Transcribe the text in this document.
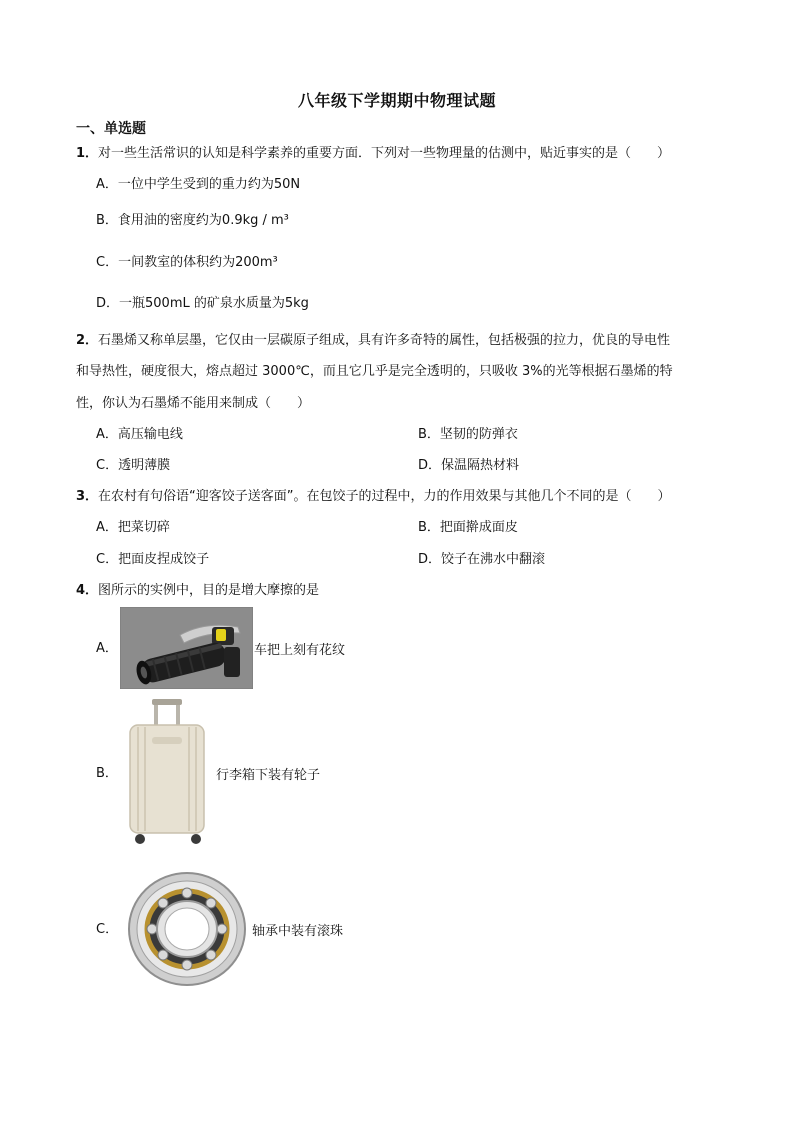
八年级下学期期中物理试题
一、单选题
1．对一些生活常识的认知是科学素养的重要方面．下列对一些物理量的估测中，贴近事实的是（　　）
A．一位中学生受到的重力约为50N
B．食用油的密度约为0.9kg / m³
C．一间教室的体积约为200m³
D．一瓶500mL 的矿泉水质量为5kg
2．石墨烯又称单层墨，它仅由一层碳原子组成，具有许多奇特的属性，包括极强的拉力，优良的导电性
和导热性，硬度很大，熔点超过 3000℃，而且它几乎是完全透明的，只吸收 3%的光等根据石墨烯的特
性，你认为石墨烯不能用来制成（　　）
A．高压输电线	B．坚韧的防弹衣
C．透明薄膜	D．保温隔热材料
3．在农村有句俗语“迎客饺子送客面”。在包饺子的过程中，力的作用效果与其他几个不同的是（　　）
A．把菜切碎	B．把面擀成面皮
C．把面皮捏成饺子	D．饺子在沸水中翻滚
4．图所示的实例中，目的是增大摩擦的是
A．	车把上刻有花纹
B．	行李箱下装有轮子
C．	轴承中装有滚珠
